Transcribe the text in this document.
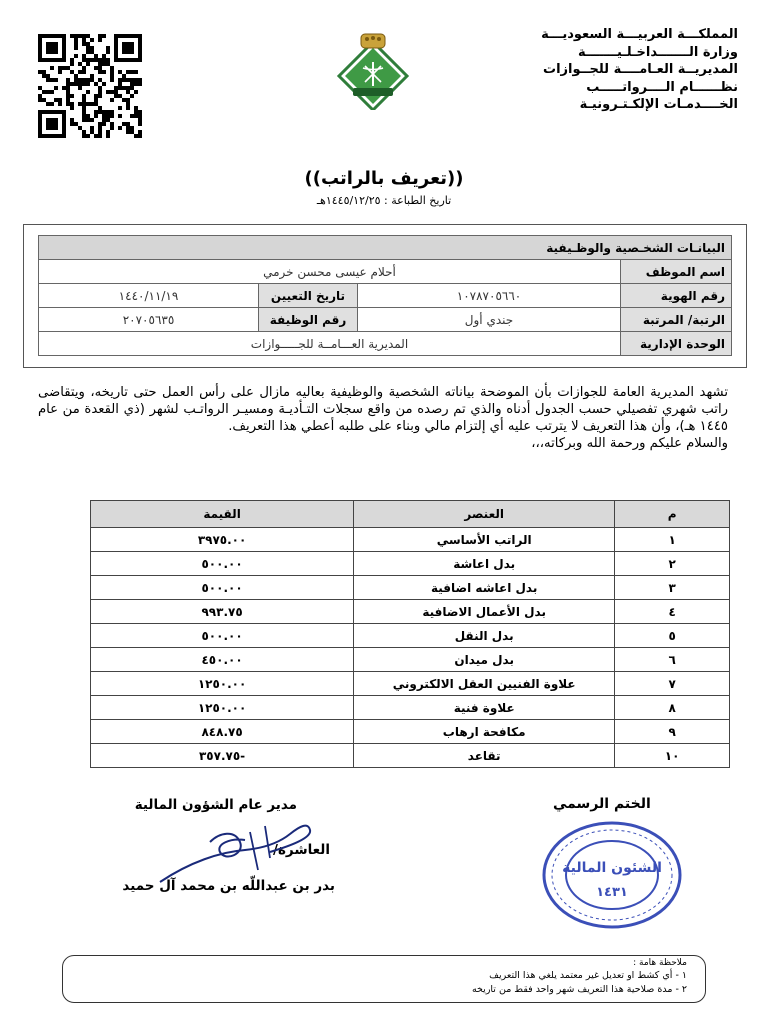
المملكـــة العربيـــة السعوديـــة
وزارة الـــــــداخـلـيـــــــة
المديريــة العـامــــة للجــوازات
نظــــــام الــــرواتـــــب
الخــــدمـات الإلكـتـرونيـة
((تعريف بالراتب))
تاريخ الطباعة : ١٤٤٥/١٢/٢٥هـ
البيانـات الشخـصية والوظـيفية			
اسم الموظف	أحلام عيسى محسن خرمي		
رقم الهوية	١٠٧٨٧٠٥٦٦٠	تاريخ التعيين	١٤٤٠/١١/١٩
الرتبة/ المرتبة	جندي أول	رقم الوظيفة	٢٠٧٠٥٦٣٥
الوحدة الإدارية	المديرية العـــامــة للجـــــوازات		
تشهد المديرية العامة للجوازات بأن الموضحة بياناته الشخصية والوظيفية بعاليه مازال على رأس العمل حتى تاريخه، ويتقاضى راتب شهري تفصيلي حسب الجدول أدناه والذي تم رصده من واقع سجلات التـأديـة ومسيـر الرواتـب لشهر (ذي القعدة من عام ١٤٤٥ هـ)، وأن هذا التعريف لا يترتب عليه أي إلتزام مالي وبناء على طلبه أعطي هذا التعريف.
والسلام عليكم ورحمة الله وبركاته،،،
م	العنصر	القيمة
١	الراتب الأساسي	٣٩٧٥.٠٠
٢	بدل اعاشة	٥٠٠.٠٠
٣	بدل اعاشه اضافية	٥٠٠.٠٠
٤	بدل الأعمال الاضافية	٩٩٣.٧٥
٥	بدل النقل	٥٠٠.٠٠
٦	بدل ميدان	٤٥٠.٠٠
٧	علاوة الفنيين العقل الالكتروني	١٢٥٠.٠٠
٨	علاوة فنية	١٢٥٠.٠٠
٩	مكافحة ارهاب	٨٤٨.٧٥
١٠	تقاعد	-٣٥٧.٧٥
الختم الرسمي
مدير عام الشؤون المالية
العاشرة/
بدر بن عبداللّه بن محمد آل حميد
الشئون المالية
١٤٣١
ملاحظة هامة :
١ - أي كشط او تعديل غير معتمد يلغي هذا التعريف
٢ - مدة صلاحية هذا التعريف شهر واحد فقط من تاريخه
